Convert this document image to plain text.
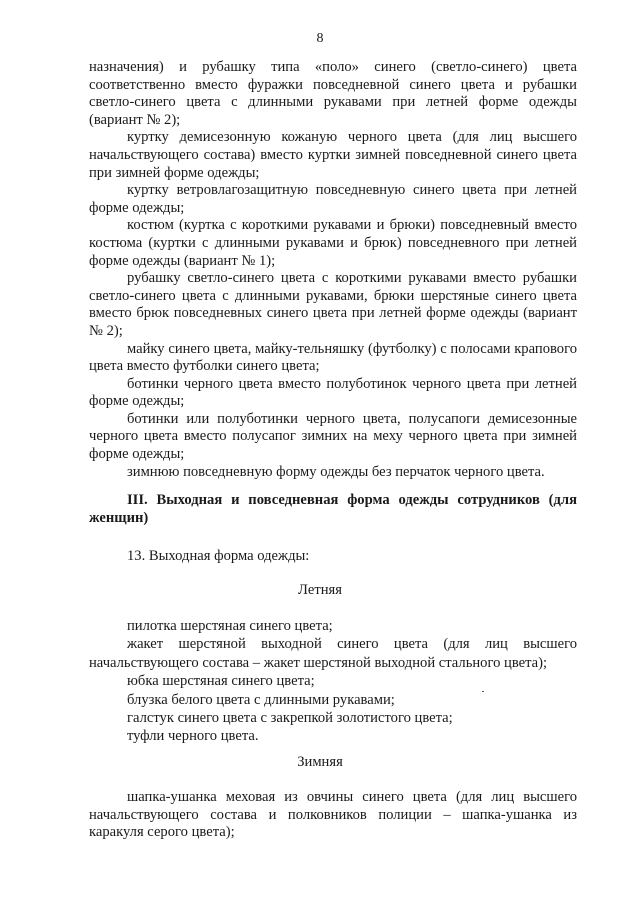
8

назначения) и рубашку типа «поло» синего (светло-синего) цвета соответственно вместо фуражки повседневной синего цвета и рубашки светло-синего цвета с длинными рукавами при летней форме одежды (вариант № 2);

куртку демисезонную кожаную черного цвета (для лиц высшего начальствующего состава) вместо куртки зимней повседневной синего цвета при зимней форме одежды;

куртку ветровлагозащитную повседневную синего цвета при летней форме одежды;

костюм (куртка с короткими рукавами и брюки) повседневный вместо костюма (куртки с длинными рукавами и брюк) повседневного при летней форме одежды (вариант № 1);

рубашку светло-синего цвета с короткими рукавами вместо рубашки светло-синего цвета с длинными рукавами, брюки шерстяные синего цвета вместо брюк повседневных синего цвета при летней форме одежды (вариант № 2);

майку синего цвета, майку-тельняшку (футболку) с полосами крапового цвета вместо футболки синего цвета;

ботинки черного цвета вместо полуботинок черного цвета при летней форме одежды;

ботинки или полуботинки черного цвета, полусапоги демисезонные черного цвета вместо полусапог зимних на меху черного цвета при зимней форме одежды;

зимнюю повседневную форму одежды без перчаток черного цвета.

III. Выходная и повседневная форма одежды сотрудников (для женщин)

13. Выходная форма одежды:

Летняя

пилотка шерстяная синего цвета;

жакет шерстяной выходной синего цвета (для лиц высшего начальствующего состава – жакет шерстяной выходной стального цвета);

юбка шерстяная синего цвета;

блузка белого цвета с длинными рукавами;

галстук синего цвета с закрепкой золотистого цвета;

туфли черного цвета.

Зимняя

шапка-ушанка меховая из овчины синего цвета (для лиц высшего начальствующего состава и полковников полиции – шапка-ушанка из каракуля серого цвета);
